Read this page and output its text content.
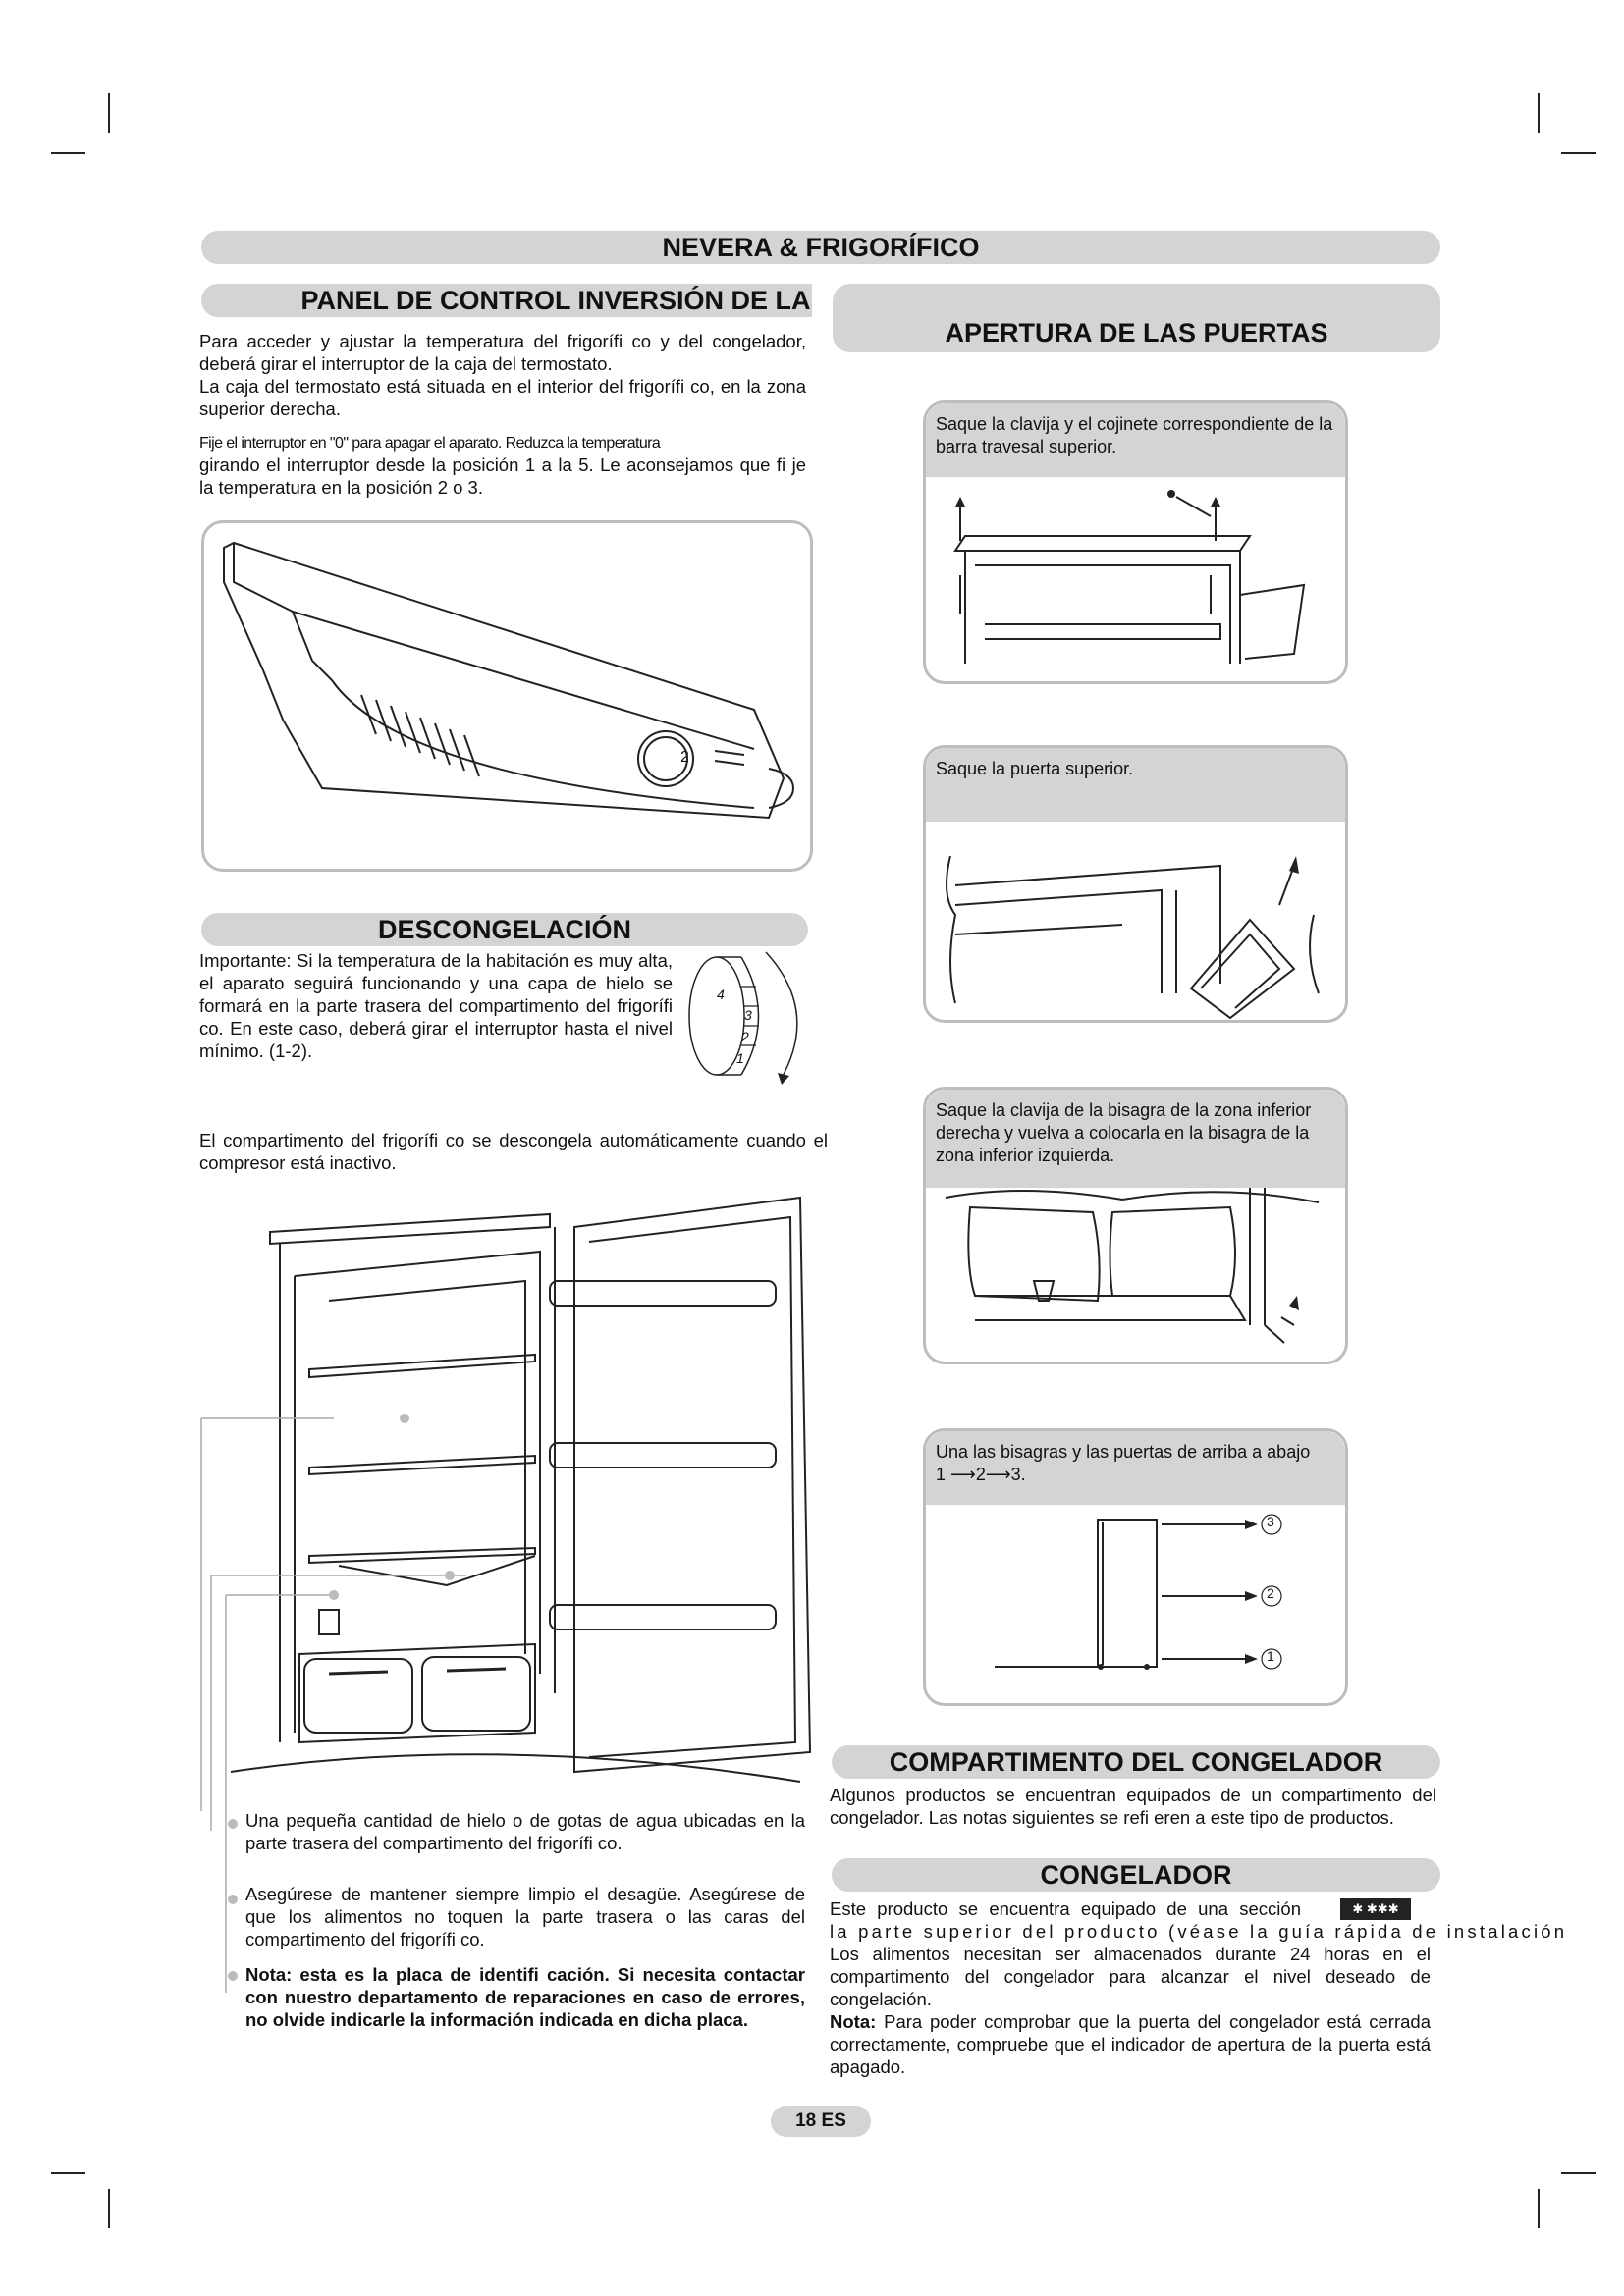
NEVERA & FRIGORÍFICO
PANEL DE CONTROL INVERSIÓN DE LA
APERTURA DE LAS PUERTAS
Para acceder y ajustar la temperatura del frigorífi co y del congelador, deberá girar el interruptor de la caja del termostato.
La caja del termostato está situada en el interior del frigorífi co, en la zona superior derecha.
Fije el interruptor en "0" para apagar el aparato. Reduzca la temperatura
girando el interruptor desde la posición 1 a la 5. Le aconsejamos que fi je la temperatura en la posición 2 o 3.
2
DESCONGELACIÓN
Importante: Si la temperatura de la habitación es muy alta, el aparato seguirá funcionando y una capa de hielo se formará en la parte trasera del compartimento del frigorífi co. En este caso, deberá girar el interruptor hasta el nivel mínimo. (1-2).
4
3
2
1
El compartimento del frigorífi co se descongela automáticamente cuando el compresor está inactivo.
Una pequeña cantidad de hielo o de gotas de agua ubicadas en la parte trasera del compartimento del frigorífi co.
Asegúrese de mantener siempre limpio el desagüe. Asegúrese de que los alimentos no toquen la parte trasera o las caras del compartimento del frigorífi co.
Nota: esta es la placa de identifi cación. Si necesita contactar con nuestro departamento de reparaciones en caso de errores, no olvide indicarle la información indicada en dicha placa.
Saque la clavija y el cojinete correspondiente de la barra travesal superior.
Saque la puerta superior.
Saque la clavija de la bisagra de la zona inferior derecha y vuelva a colocarla en la bisagra de la zona inferior izquierda.
Una las bisagras y las puertas de arriba a abajo
1 ⟶2⟶3.
3
2
1
COMPARTIMENTO DEL CONGELADOR
Algunos productos se encuentran equipados de un compartimento del congelador. Las notas siguientes se refi eren a este tipo de productos.
CONGELADOR
Este producto se encuentra equipado de una sección	✱ ✱✱✱
la parte superior del producto (véase la guía rápida de instalación
Los alimentos necesitan ser almacenados durante 24 horas en el compartimento del congelador para alcanzar el nivel deseado de congelación.
Nota: Para poder comprobar que la puerta del congelador está cerrada correctamente, compruebe que el indicador de apertura de la puerta está apagado.
18 ES
